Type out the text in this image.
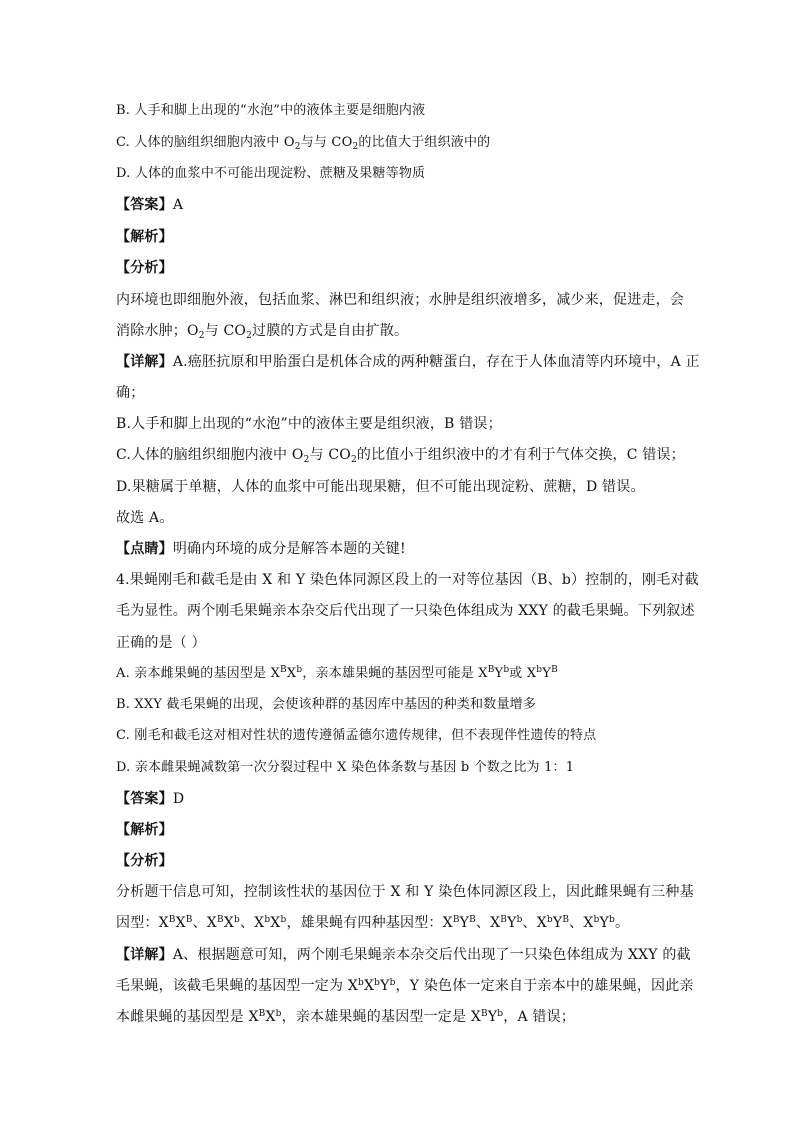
B. 人手和脚上出现的“水泡”中的液体主要是细胞内液
C. 人体的脑组织细胞内液中 $O_2$与与 $CO_2$的比值大于组织液中的
D. 人体的血浆中不可能出现淀粉、蔗糖及果糖等物质
【答案】A
【解析】
【分析】
内环境也即细胞外液，包括血浆、淋巴和组织液；水肿是组织液增多，减少来，促进走，会
消除水肿；$O_2$与 $CO_2$过膜的方式是自由扩散。
【详解】A.癌胚抗原和甲胎蛋白是机体合成的两种糖蛋白，存在于人体血清等内环境中，A 正
确；
B.人手和脚上出现的“水泡”中的液体主要是组织液，B 错误；
C.人体的脑组织细胞内液中 $O_2$与 $CO_2$的比值小于组织液中的才有利于气体交换，C 错误；
D.果糖属于单糖，人体的血浆中可能出现果糖，但不可能出现淀粉、蔗糖，D 错误。
故选 A。
【点睛】明确内环境的成分是解答本题的关键!
4.果蝇刚毛和截毛是由 X 和 Y 染色体同源区段上的一对等位基因（B、b）控制的，刚毛对截
毛为显性。两个刚毛果蝇亲本杂交后代出现了一只染色体组成为 XXY 的截毛果蝇。下列叙述
正确的是（ ）
A. 亲本雌果蝇的基因型是 $X^BX^b$，亲本雄果蝇的基因型可能是 $X^BY^b$或 $X^bY^B$
B. XXY 截毛果蝇的出现，会使该种群的基因库中基因的种类和数量增多
C. 刚毛和截毛这对相对性状的遗传遵循孟德尔遗传规律，但不表现伴性遗传的特点
D. 亲本雌果蝇减数第一次分裂过程中 X 染色体条数与基因 b 个数之比为 1：1
【答案】D
【解析】
【分析】
分析题干信息可知，控制该性状的基因位于 X 和 Y 染色体同源区段上，因此雌果蝇有三种基
因型：$X^BX^B$、$X^BX^b$、$X^bX^b$，雄果蝇有四种基因型：$X^BY^B$、$X^BY^b$、$X^bY^B$、$X^bY^b$。
【详解】A、根据题意可知，两个刚毛果蝇亲本杂交后代出现了一只染色体组成为 XXY 的截
毛果蝇，该截毛果蝇的基因型一定为 $X^bX^bY^b$，Y 染色体一定来自于亲本中的雄果蝇，因此亲
本雌果蝇的基因型是 $X^BX^b$，亲本雄果蝇的基因型一定是 $X^BY^b$，A 错误；
